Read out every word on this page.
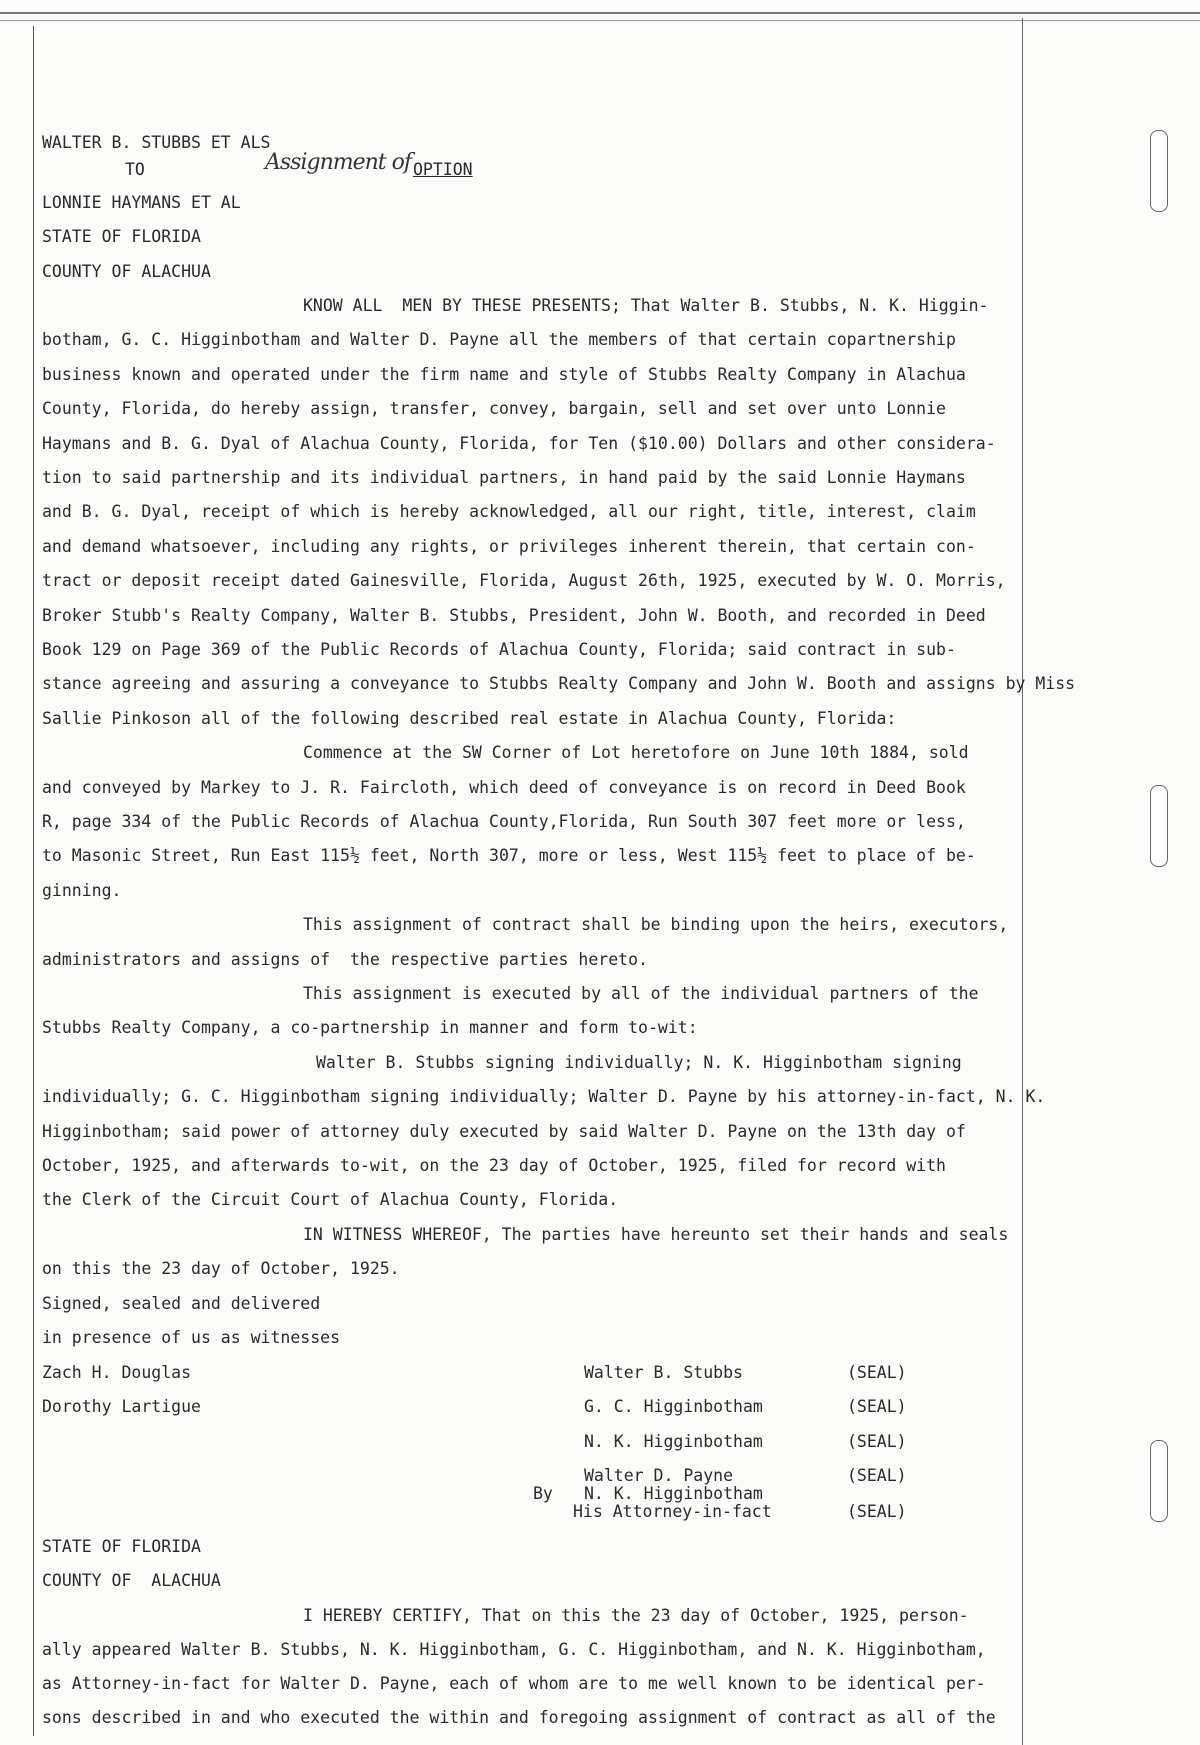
WALTER B. STUBBS ET ALS
TO	Assignment of OPTION
LONNIE HAYMANS ET AL
STATE OF FLORIDA
COUNTY OF ALACHUA
KNOW ALL  MEN BY THESE PRESENTS; That Walter B. Stubbs, N. K. Higgin-
botham, G. C. Higginbotham and Walter D. Payne all the members of that certain copartnership
business known and operated under the firm name and style of Stubbs Realty Company in Alachua
County, Florida, do hereby assign, transfer, convey, bargain, sell and set over unto Lonnie
Haymans and B. G. Dyal of Alachua County, Florida, for Ten ($10.00) Dollars and other considera-
tion to said partnership and its individual partners, in hand paid by the said Lonnie Haymans
and B. G. Dyal, receipt of which is hereby acknowledged, all our right, title, interest, claim
and demand whatsoever, including any rights, or privileges inherent therein, that certain con-
tract or deposit receipt dated Gainesville, Florida, August 26th, 1925, executed by W. O. Morris,
Broker Stubb's Realty Company, Walter B. Stubbs, President, John W. Booth, and recorded in Deed
Book 129 on Page 369 of the Public Records of Alachua County, Florida; said contract in sub-
stance agreeing and assuring a conveyance to Stubbs Realty Company and John W. Booth and assigns by Miss
Sallie Pinkoson all of the following described real estate in Alachua County, Florida:
Commence at the SW Corner of Lot heretofore on June 10th 1884, sold
and conveyed by Markey to J. R. Faircloth, which deed of conveyance is on record in Deed Book
R, page 334 of the Public Records of Alachua County,Florida, Run South 307 feet more or less,
to Masonic Street, Run East 115½ feet, North 307, more or less, West 115½ feet to place of be-
ginning.
This assignment of contract shall be binding upon the heirs, executors,
administrators and assigns of  the respective parties hereto.
This assignment is executed by all of the individual partners of the
Stubbs Realty Company, a co-partnership in manner and form to-wit:
Walter B. Stubbs signing individually; N. K. Higginbotham signing
individually; G. C. Higginbotham signing individually; Walter D. Payne by his attorney-in-fact, N. K.
Higginbotham; said power of attorney duly executed by said Walter D. Payne on the 13th day of
October, 1925, and afterwards to-wit, on the 23 day of October, 1925, filed for record with
the Clerk of the Circuit Court of Alachua County, Florida.
IN WITNESS WHEREOF, The parties have hereunto set their hands and seals
on this the 23 day of October, 1925.
Signed, sealed and delivered
in presence of us as witnesses
Zach H. Douglas
Dorothy Lartigue
Walter B. Stubbs	(SEAL)
G. C. Higginbotham	(SEAL)
N. K. Higginbotham	(SEAL)
Walter D. Payne	(SEAL)
By N. K. Higginbotham
His Attorney-in-fact	(SEAL)
STATE OF FLORIDA
COUNTY OF  ALACHUA
I HEREBY CERTIFY, That on this the 23 day of October, 1925, person-
ally appeared Walter B. Stubbs, N. K. Higginbotham, G. C. Higginbotham, and N. K. Higginbotham,
as Attorney-in-fact for Walter D. Payne, each of whom are to me well known to be identical per-
sons described in and who executed the within and foregoing assignment of contract as all of the
